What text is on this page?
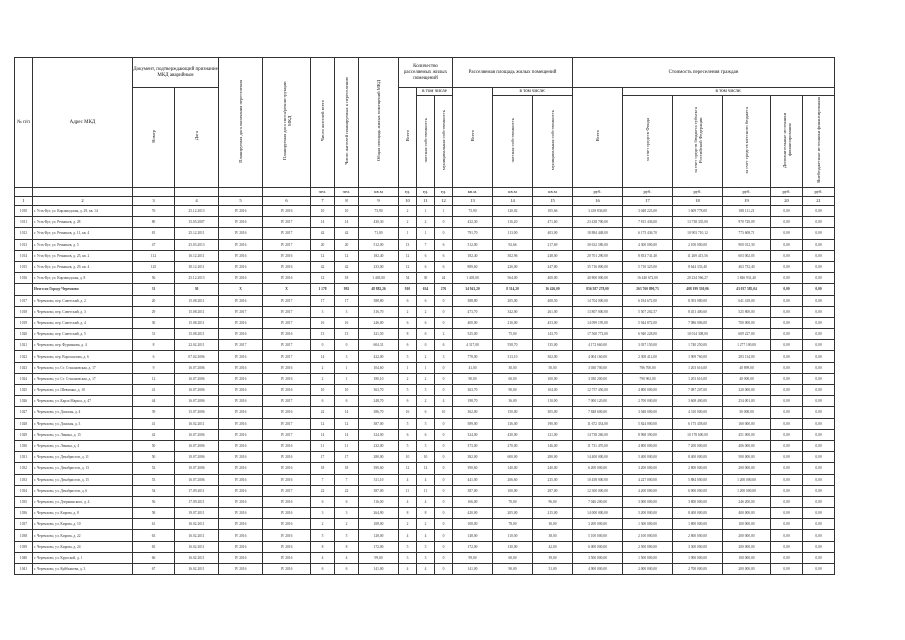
№ п/п	Адрес МКД	Документ, подтверждающий признание МКД аварийным		Планируемая дата окончания переселения	Планируемая дата сноса/реконструкции МКД	Число жителей всего	Число жителей планируемых к переселению	Общая площадь жилых помещений МКД	Количество расселяемых жилых помещений			Расселяемая площадь жилых помещений			Стоимость переселения граждан					
		Номер	Дата						Всего	в том числе		Всего	в том числе:		Всего	в том числе:				
										частная собственность	муниципальная собственность		частная собственность	муниципальная собственность		за счет средств Фонда	за счет средств бюджета субъекта Российской Федерации	за счет средств местного бюджета	Дополнительные источники финансирования	Внебюджетные источники финансирования
						чел.	чел.	кв.м	ед.	ед.	ед.	кв.м.	кв.м	кв.м	руб.	руб.	руб.	руб.	руб.	руб.
1	2	3	4	5	6	7	8	9	10	11	12	13	14	15	16	17	18	19	20	21
1010	г. Усть-Кут, ул. Кирзаводская, д. 29, кв. 14	76	25.12.2013	IV 2016	IV 2016	10	10	73,90	2	1	1	73,90	120,02	105,66	3 418 836,00	3 048 223,00	1 609 778,00	188 111,21	0,00	0,00
1011	г. Усть-Кут, ул. Речников, д. 28	80	15.05.2007	IV 2016	IV 2017	14	14	430,30	2	2	0	432,30	116,20	471,60	23 438 700,00	7 815 436,00	13 738 335,00	970 720,09	0,00	0,00
1012	г. Усть-Кут, ул. Речников, д. 11, кв. 4	81	25.12.2011	IV 2016	IV 2017	42	42	71,00	1	1	0	791,70	113,00	403,00	18 884 448,00	6 175 436,70	10 903 710,12	773 608,71	0,00	0,00
1013	г. Усть-Кут, ул. Речников, д. 5	47	25.03.2013	IV 2016	IV 2017	20	20	512,00	13	7	6	512,00	92,66	217,69	30 632 580,00	4 300 000,00	2 100 000,00	900 012,30	0,00	0,00
1014	г. Усть-Кут, ул. Речников, д. 25, кв. 2	112	16.12.2011	IV 2016	IV 2016	12	12	182,40	12	6	6	182,40	302,96	248,00	20 701 290,00	8 833 741,40	11 269 415,56	603 002,05	0,00	0,00
1015	г. Усть-Кут, ул. Речников, д. 29, кв. 4	125	30.12.2011	IV 2016	IV 2016	42	42	233,00	12	6	6	889,60	226,00	247,80	35 716 800,00	5 710 325,00	8 644 333,40	463 733,40	0,00	0,00
1016	г. Усть-Кут, ул. Кирзаводская, д. 8	56	25.12.2013	IV 2016	IV 2016	12	18	1 403,00	54	30	24	1 403,00	564,00	400,00	40 800 000,00	16 440 672,00	20 234 566,27	1 846 931,40	0,00	0,00
	Итого по Городу Черемхово	31	30	Х	Х	1 178	992	48 882,26	910	634	276	34 941,20	8 314,20	16 426,00	856 587 278,00	263 760 890,73	408 199 330,06	43 037 585,04	0,00	0,00
1017	г. Черемхово, пер. Советский, д. 2	20	15.08.2011	IV 2016	IV 2017	17	17	388,80	6	6	0	388,80	205,00	408,50	14 704 000,00	6 184 672,00	8 393 080,00	641 418,00	0,00	0,00
1018	г. Черемхово, пер. Советский, д. 3	29	15.08.2011	IV 2017	IV 2017	3	3	316,70	2	2	0	473,70	342,00	261,00	13 807 000,00	5 507 202,57	8 451 400,60	525 800,00	0,00	0,00
1019	г. Черемхово, пер. Советский, д. 4	30	15.08.2011	IV 2016	IV 2017	16	16	246,00	6	6	0	400,00	216,00	453,00	14 099 195,00	5 944 872,00	7 086 006,00	700 000,00	0,00	0,00
1020	г. Черемхово, пер. Советский, д. 5	31	15.08.2011	IV 2016	IV 2016	13	13	321,50	8	6	2	525,00	75,00	143,70	17 560 772,00	6 940 228,00	10 014 308,00	609 227,00	0,00	0,00
1021	г. Черемхово, пер. Фурманова, д. 4	8	22.02.2011	IV 2017	IV 2017	0	0	604,31	6	0	6	4 317,00	558,70	135,00	4 172 660,00	3 037 150,00	1 740 250,00	1 277 100,00	0,00	0,00
1022	г. Черемхово, пер. Ворошилова, д. 6	6	07.02.2006	IV 2016	IV 2017	14	3	422,00	5	2	3	778,00	313,10	302,00	4 004 160,00	2 308 412,00	1 909 760,00	283 134,00	0,00	0,00
1023	г. Черемхово, ул. Ст. Стахановская, д. 17	9	16.07.2006	IV 2016	IV 2016	2	1	104,60	1	1	0	41,00	30,00	50,00	3 030 700,00	786 700,00	1 203 616,00	40 899,00	0,00	0,00
1024	г. Черемхово, ул. Ст. Стахановская, д. 17	12	16.07.2006	IV 2016	IV 2016	2	1	180,10	2	2	0	90,00	60,00	100,00	3 030 200,00	790 963,00	1 203 616,00	40 000,00	0,00	0,00
1025	г. Черемхово, ул. Шевченко, д. 10	41	16.07.2006	IV 2016	IV 2016	10	10	363,70	5	5	0	363,70	90,00	104,00	12 757 450,00	4 800 000,00	7 087 207,00	320 000,00	0,00	0,00
1026	г. Черемхово, ул. Карла Маркса, д. 47	44	16.07.2006	IV 2016	IV 2017	6	6	248,70	6	2	4	198,70	36,00	110,00	7 000 120,00	2 700 000,00	3 608 400,00	254 001,00	0,00	0,00
1027	г. Черемхово, ул. Донская, д. 4	39	15.07.2006	IV 2016	IV 2016	22	14	386,70	16	6	10	362,00	150,00	305,00	7 848 600,00	3 048 000,00	4 310 000,00	50 000,00	0,00	0,00
1028	г. Черемхово, ул. Донская, д. 3	41	16.02.2011	IV 2016	IV 2017	12	12	387,00	5	5	0	589,00	136,00	190,00	11 672 354,00	5 824 000,00	6 175 458,00	160 000,00	0,00	0,00
1029	г. Черемхово, ул. Ленина, д. 15	42	16.07.2006	IV 2016	IV 2017	14	14	324,00	6	6	0	324,00	430,00	121,00	14 738 260,00	8 968 390,00	10 178 600,00	451 000,00	0,00	0,00
1030	г. Черемхово, ул. Ленина, д. 4	50	16.07.2006	IV 2016	IV 2016	11	11	232,00	5	5	0	373,00	270,00	146,00	11 731 470,00	4 800 000,00	7 200 000,00	406 000,00	0,00	0,00
1031	г. Черемхово, ул. Декабристов, д. 11	50	10.07.2006	IV 2016	IV 2016	17	17	280,00	10	10	0	382,00	600,00	280,00	14 400 000,00	5 400 000,00	8 400 000,00	500 000,00	0,00	0,00
1032	г. Черемхово, ул. Декабристов, д. 13	52	10.07.2006	IV 2016	IV 2016	18	18	390,60	12	12	0	390,60	140,00	240,00	6 200 000,00	3 200 000,00	2 800 000,00	200 000,00	0,00	0,00
1033	г. Черемхово, ул. Декабристов, д. 15	53	16.07.2006	IV 2016	IV 2016	7	7	311,10	4	4	0	441,00	206,60	235,00	10 458 000,00	4 227 000,00	5 884 000,00	1 200 000,00	0,00	0,00
1034	г. Черемхово, ул. Декабристов, д. 6	54	17.09.2011	IV 2016	IV 2017	22	22	387,00	11	11	0	387,00	100,00	287,00	12 300 000,00	4 200 000,00	6 900 000,00	1 200 000,00	0,00	0,00
1035	г. Черемхово, ул. Дзержинского, д. 4	56	17.09.2011	IV 2016	IV 2016	6	6	116,00	4	4	0	166,00	70,00	96,00	7 046 200,00	3 000 000,00	3 800 000,00	246 200,00	0,00	0,00
1036	г. Черемхово, ул. Кирова, д. 8	58	19.07.2011	IV 2016	IV 2016	3	3	264,90	8	8	0	420,00	205,00	215,00	14 000 000,00	5 200 000,00	8 400 000,00	400 000,00	0,00	0,00
1037	г. Черемхово, ул. Кирова, д. 10	61	16.02.2011	IV 2016	IV 2016	2	2	108,00	2	2	0	108,00	78,00	30,00	3 200 000,00	1 300 000,00	1 800 000,00	100 000,00	0,00	0,00
1038	г. Черемхово, ул. Кирова, д. 22	63	16.02.2011	IV 2016	IV 2016	5	5	128,00	4	4	0	148,00	110,00	38,00	5 100 000,00	2 100 000,00	2 800 000,00	200 000,00	0,00	0,00
1039	г. Черемхово, ул. Кирова, д. 24	65	16.02.2011	IV 2016	IV 2016	8	8	172,00	5	5	0	172,00	130,00	42,00	6 000 000,00	2 500 000,00	3 300 000,00	200 000,00	0,00	0,00
1040	г. Черемхово, ул. Крупской, д. 1	66	16.02.2011	IV 2016	IV 2016	4	4	99,00	3	3	0	99,00	60,00	39,00	3 500 000,00	1 500 000,00	1 900 000,00	100 000,00	0,00	0,00
1041	г. Черемхово, ул. Куйбышева, д. 3	67	16.02.2011	IV 2016	IV 2016	6	6	141,00	4	4	0	141,00	90,00	51,00	4 900 000,00	2 000 000,00	2 700 000,00	200 000,00	0,00	0,00
